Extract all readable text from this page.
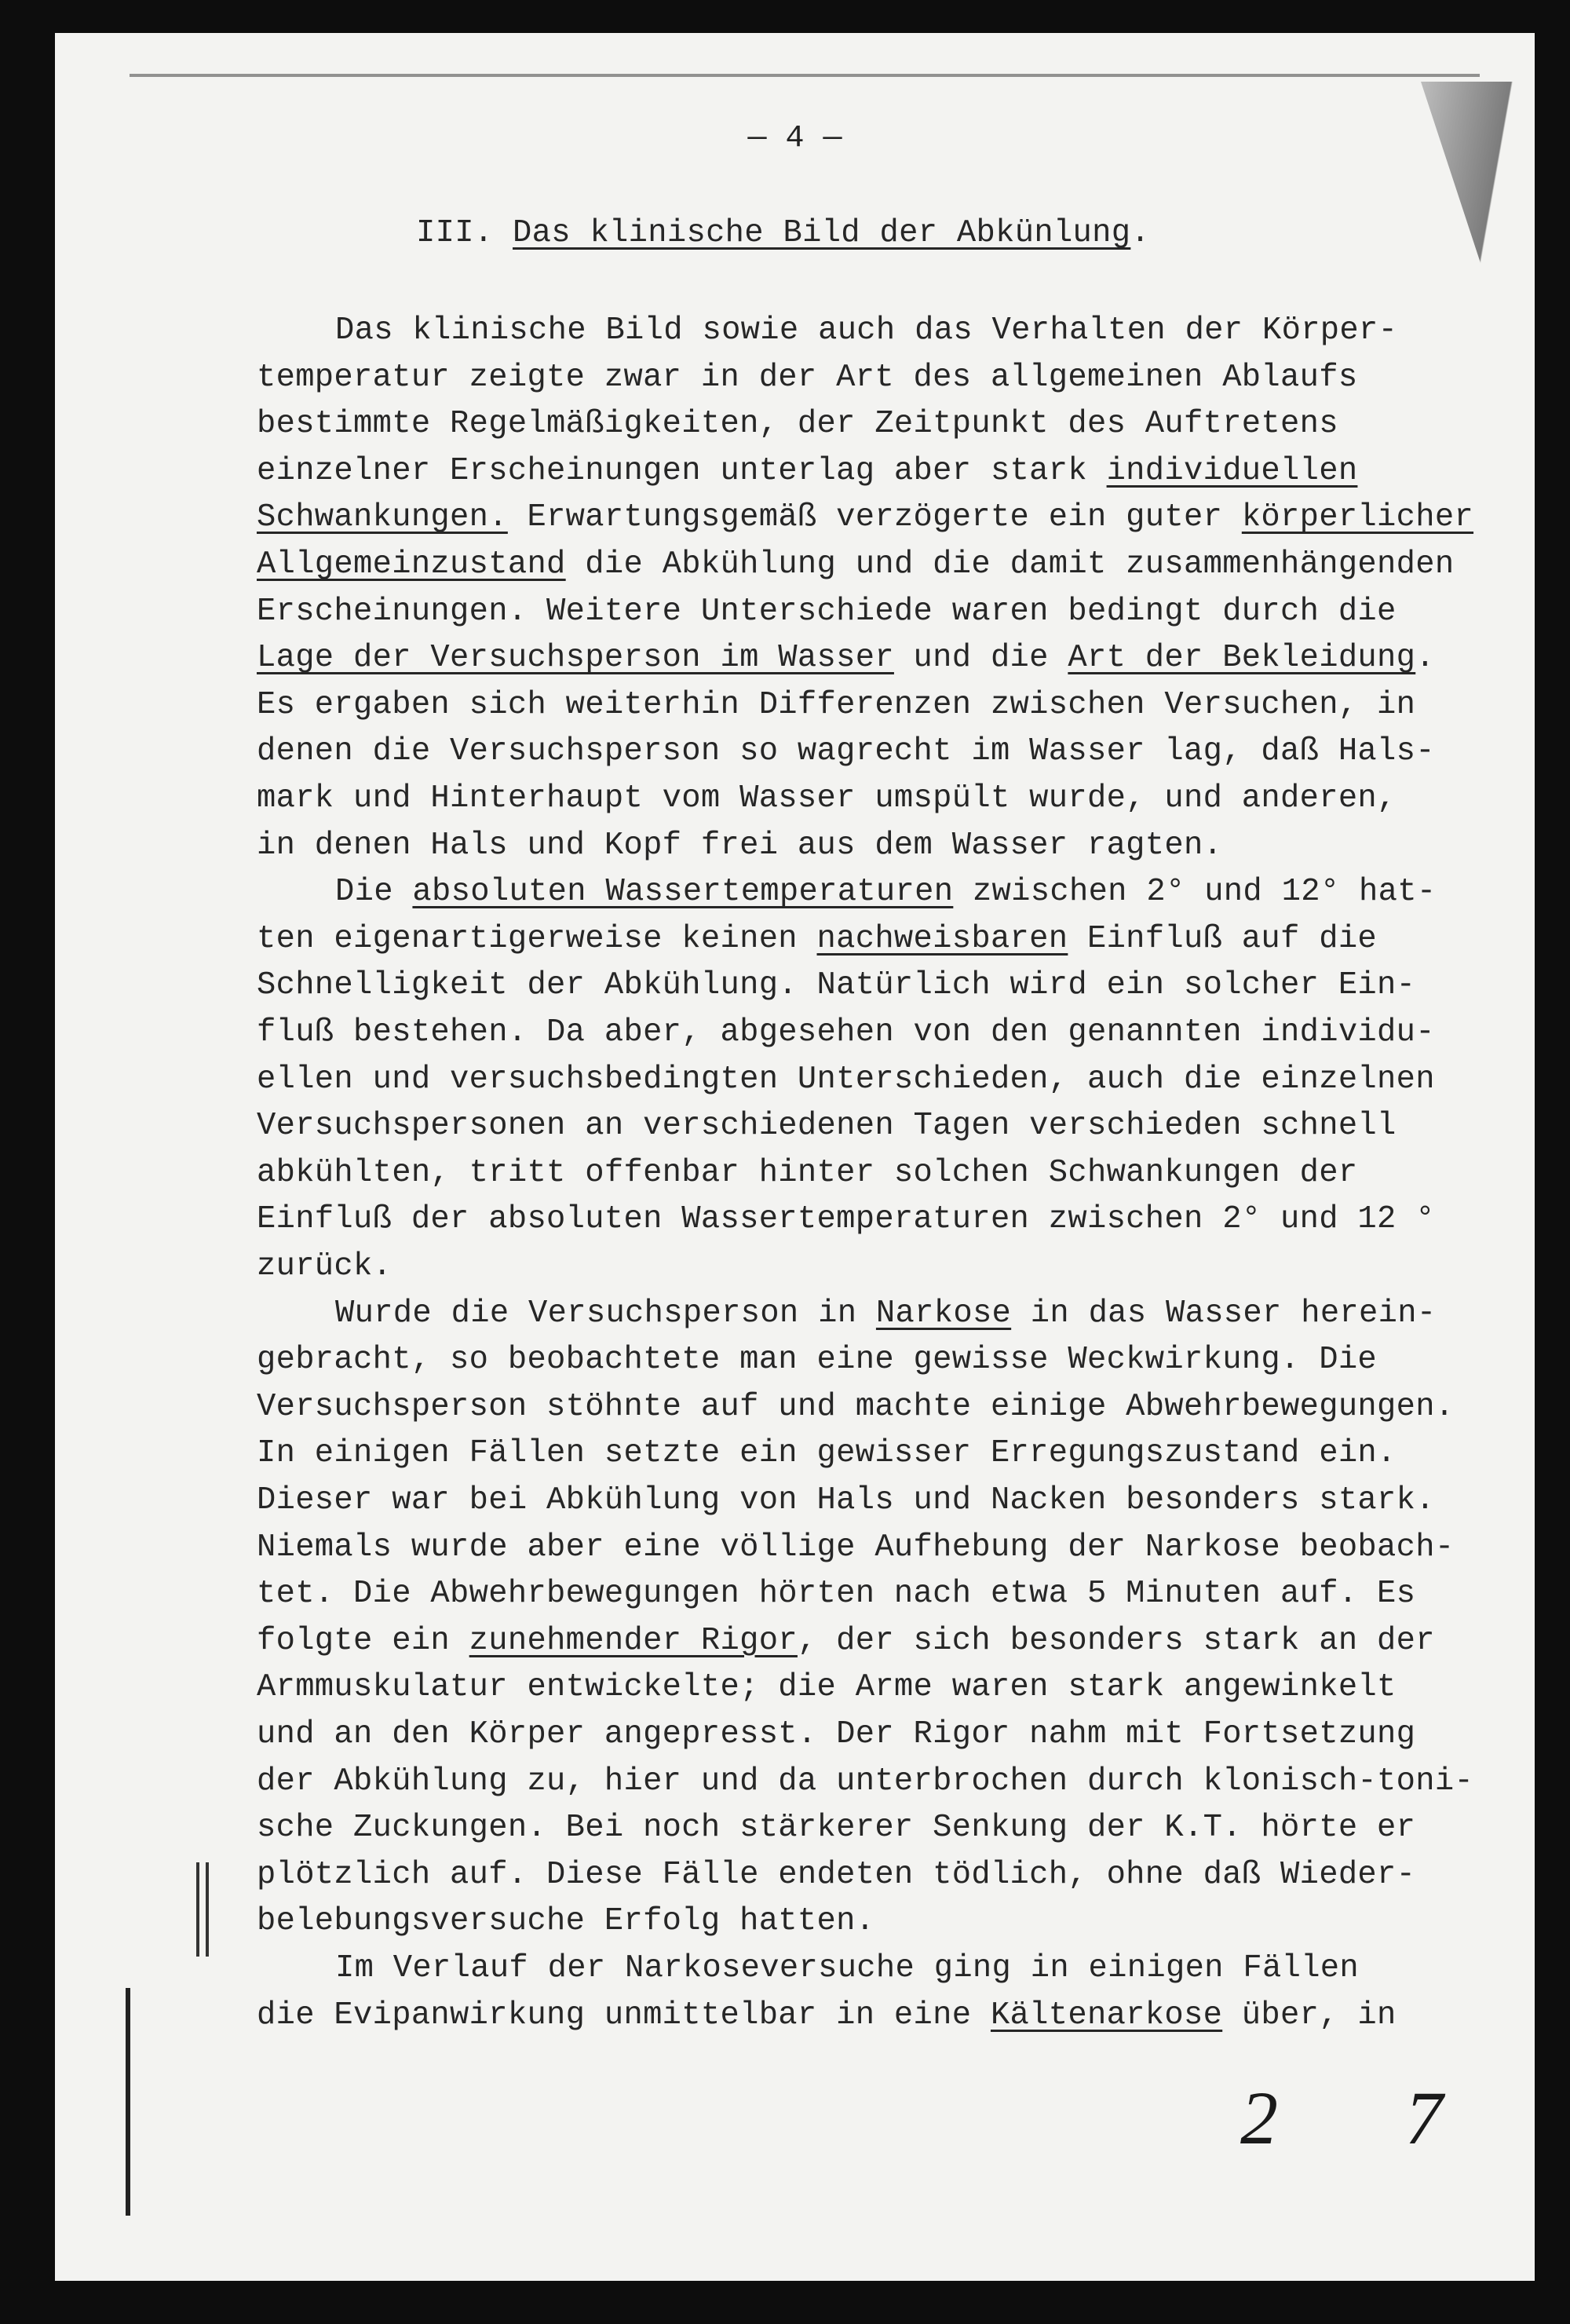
— 4 —
III. Das klinische Bild der Abkünlung.
Das klinische Bild sowie auch das Verhalten der Körper-
temperatur zeigte zwar in der Art des allgemeinen Ablaufs
bestimmte Regelmäßigkeiten, der Zeitpunkt des Auftretens
einzelner Erscheinungen unterlag aber stark individuellen
Schwankungen. Erwartungsgemäß verzögerte ein guter körperlicher
Allgemeinzustand die Abkühlung und die damit zusammenhängenden
Erscheinungen. Weitere Unterschiede waren bedingt durch die
Lage der Versuchsperson im Wasser und die Art der Bekleidung.
Es ergaben sich weiterhin Differenzen zwischen Versuchen, in
denen die Versuchsperson so wagrecht im Wasser lag, daß Hals-
mark und Hinterhaupt vom Wasser umspült wurde, und anderen,
in denen Hals und Kopf frei aus dem Wasser ragten.
Die absoluten Wassertemperaturen zwischen 2° und 12° hat-
ten eigenartigerweise keinen nachweisbaren Einfluß auf die
Schnelligkeit der Abkühlung. Natürlich wird ein solcher Ein-
fluß bestehen. Da aber, abgesehen von den genannten individu-
ellen und versuchsbedingten Unterschieden, auch die einzelnen
Versuchspersonen an verschiedenen Tagen verschieden schnell
abkühlten, tritt offenbar hinter solchen Schwankungen der
Einfluß der absoluten Wassertemperaturen zwischen 2° und 12 °
zurück.
Wurde die Versuchsperson in Narkose in das Wasser herein-
gebracht, so beobachtete man eine gewisse Weckwirkung. Die
Versuchsperson stöhnte auf und machte einige Abwehrbewegungen.
In einigen Fällen setzte ein gewisser Erregungszustand ein.
Dieser war bei Abkühlung von Hals und Nacken besonders stark.
Niemals wurde aber eine völlige Aufhebung der Narkose beobach-
tet. Die Abwehrbewegungen hörten nach etwa 5 Minuten auf. Es
folgte ein zunehmender Rigor, der sich besonders stark an der
Armmuskulatur entwickelte; die Arme waren stark angewinkelt
und an den Körper angepresst. Der Rigor nahm mit Fortsetzung
der Abkühlung zu, hier und da unterbrochen durch klonisch-toni-
sche Zuckungen. Bei noch stärkerer Senkung der K.T. hörte er
plötzlich auf. Diese Fälle endeten tödlich, ohne daß Wieder-
belebungsversuche Erfolg hatten.
Im Verlauf der Narkoseversuche ging in einigen Fällen
die Evipanwirkung unmittelbar in eine Kältenarkose über, in
2 7
